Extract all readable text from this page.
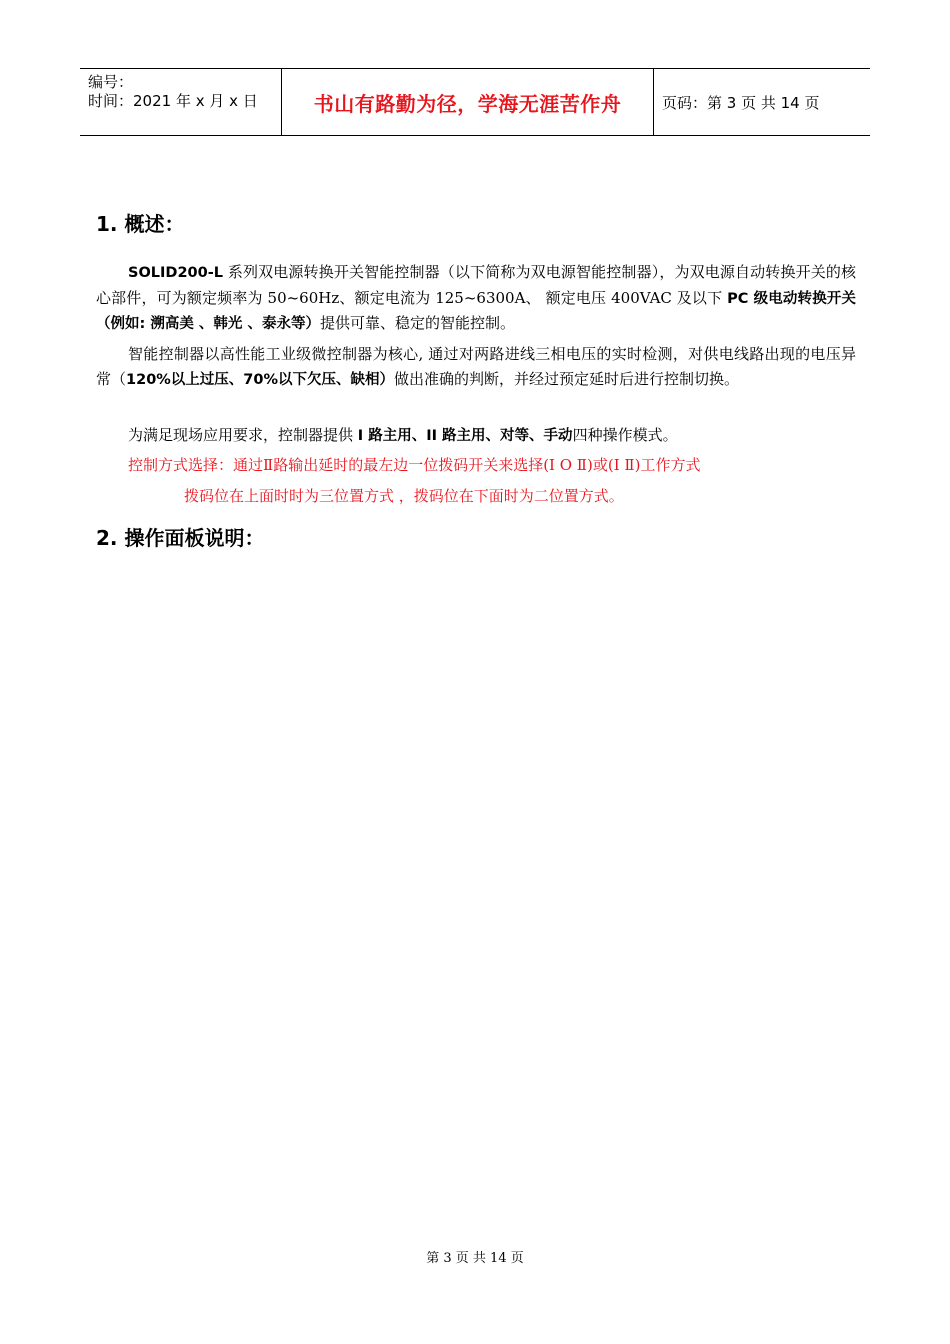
编号：
时间：2021 年 x 月 x 日	书山有路勤为径，学海无涯苦作舟	页码：第 3 页 共 14 页
1. 概述：

SOLID200-L 系列双电源转换开关智能控制器（以下简称为双电源智能控制器），为双电源自动转换开关的核心部件，可为额定频率为 50~60Hz、额定电流为 125~6300A、 额定电压 400VAC 及以下 PC 级电动转换开关（例如: 溯高美 、韩光 、泰永等）提供可靠、稳定的智能控制。

智能控制器以高性能工业级微控制器为核心, 通过对两路进线三相电压的实时检测，对供电线路出现的电压异常（120%以上过压、70%以下欠压、缺相）做出准确的判断，并经过预定延时后进行控制切换。

为满足现场应用要求，控制器提供 I 路主用、II 路主用、对等、手动四种操作模式。

控制方式选择：通过Ⅱ路输出延时的最左边一位拨码开关来选择(Ⅰ O Ⅱ)或(Ⅰ Ⅱ)工作方式

拨码位在上面时时为三位置方式 ，拨码位在下面时为二位置方式。

2. 操作面板说明：
第 3 页 共 14 页
